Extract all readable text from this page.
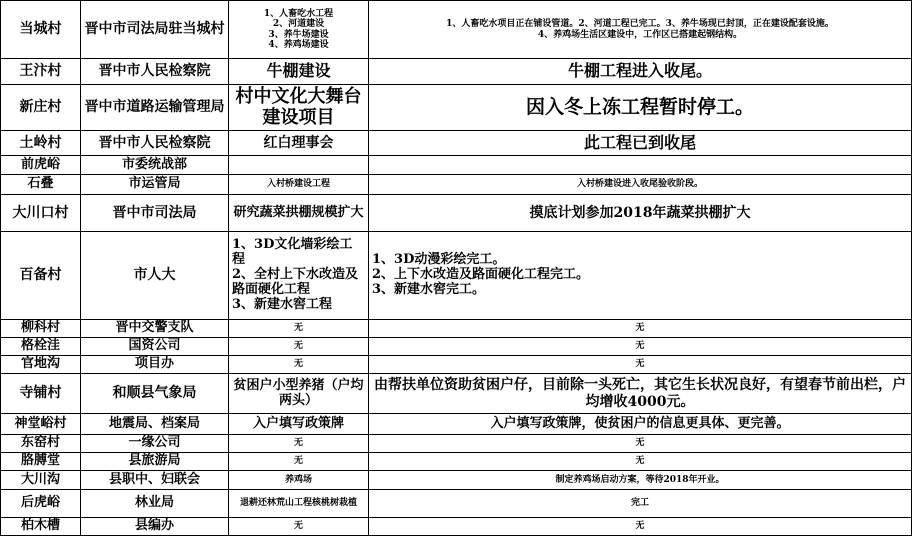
当城村	晋中市司法局驻当城村	1、人畜吃水工程
2、河道建设
3、养牛场建设
4、养鸡场建设	1、人畜吃水项目正在铺设管道。2、河道工程已完工。3、养牛场现已封顶，正在建设配套设施。
4、养鸡场生活区建设中，工作区已搭建起钢结构。

王汴村	晋中市人民检察院	牛棚建设	牛棚工程进入收尾。
新庄村	晋中市道路运输管理局	村中文化大舞台建设项目	因入冬上冻工程暂时停工。
土岭村	晋中市人民检察院	红白理事会	此工程已到收尾
前虎峪	市委统战部		
石叠	市运管局	入村桥建设工程	入村桥建设进入收尾验收阶段。
大川口村	晋中市司法局	研究蔬菜拱棚规模扩大	摸底计划参加2018年蔬菜拱棚扩大
百备村	市人大	1、3D文化墙彩绘工程
2、全村上下水改造及路面硬化工程
3、新建水窖工程	1、3D动漫彩绘完工。
2、上下水改造及路面硬化工程完工。
3、新建水窖完工。

柳科村	晋中交警支队	无	无
格栓洼	国资公司	无	无
官地沟	项目办	无	无
寺铺村	和顺县气象局	贫困户小型养猪（户均两头）	由帮扶单位资助贫困户仔，目前除一头死亡，其它生长状况良好，有望春节前出栏，户均增收4000元。

神堂峪村	地震局、档案局	入户填写政策牌	入户填写政策牌，使贫困户的信息更具体、更完善。
东窑村	一缘公司	无	无
胳膊堂	县旅游局	无	无
大川沟	县职中、妇联会	养鸡场	制定养鸡场启动方案，等待2018年开业。
后虎峪	林业局	退耕还林荒山工程核桃树栽植	完工
柏木槽	县编办	无	无
